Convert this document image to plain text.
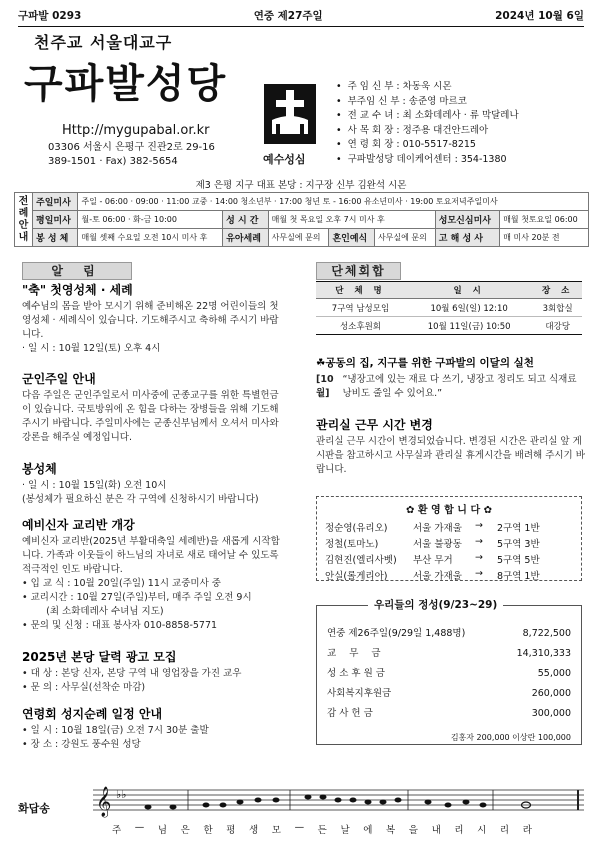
구파발 0293	연중 제27주일	2024년 10월 6일
천주교 서울대교구
구파발성당
Http://mygupabal.or.kr
03306 서울시 은평구 진관2로 29-16
389-1501 · Fax) 382-5654	예수성심
• 주 임 신 부 : 차동욱 시몬
• 부주임 신 부 : 송준영 마르코
• 전 교 수 녀 : 최 소화데레사 · 류 막달레나
• 사 목 회 장 : 정주용 대건안드레아
• 연 령 회 장 : 010-5517-8215
• 구파발성당 데이케어센터 : 354-1380
제3 은평 지구 대표 본당 : 지구장 신부 김완석 시몬
전례안내	주일미사	주일 - 06:00 · 09:00 · 11:00 교중 · 14:00 청소년부 · 17:00 청년 토 - 16:00 유소년미사 · 19:00 토요저녁주일미사						
	평일미사	월-토 06:00 · 화-금 10:00	성 시 간	매월 첫 목요일 오후 7시 미사 후			성모신심미사	매월 첫토요일 06:00
	봉 성 체	매월 셋째 수요일 오전 10시 미사 후	유아세례	사무실에 문의	혼인예식	사무실에 문의	고 해 성 사	매 미사 20분 전
알 림
"축" 첫영성체 · 세례
예수님의 몸을 받아 모시기 위해 준비해온 22명 어린이들의 첫영성체 · 세례식이 있습니다. 기도해주시고 축하해 주시기 바랍니다.
· 일 시 : 10월 12일(토) 오후 4시
군인주일 안내
다음 주일은 군인주일로서 미사중에 군종교구를 위한 특별헌금이 있습니다. 국토방위에 온 힘을 다하는 장병들을 위해 기도해 주시기 바랍니다. 주일미사에는 군종신부님께서 오셔서 미사와 강론을 해주실 예정입니다.
봉성체
· 일 시 : 10월 15일(화) 오전 10시
(봉성체가 필요하신 분은 각 구역에 신청하시기 바랍니다)
예비신자 교리반 개강
예비신자 교리반(2025년 부활대축일 세례반)을 새롭게 시작합니다. 가족과 이웃들이 하느님의 자녀로 새로 태어날 수 있도록 적극적인 인도 바랍니다.
• 입 교 식 : 10월 20일(주일) 11시 교중미사 중
• 교리시간 : 10월 27일(주일)부터, 매주 주일 오전 9시
(최 소화데레사 수녀님 지도)
• 문의 및 신청 : 대표 봉사자 010-8858-5771
2025년 본당 달력 광고 모집
• 대 상 : 본당 신자, 본당 구역 내 영업장을 가진 교우
• 문 의 : 사무실(선착순 마감)
연령회 성지순례 일정 안내
• 일 시 : 10월 18일(금) 오전 7시 30분 출발
• 장 소 : 강원도 풍수원 성당
단체회합
단 체 명	일 시	장 소
7구역 남성모임	10월 6일(일) 12:10	3회합실
성소후원회	10월 11일(금) 10:50	대강당
☘공동의 집, 지구를 위한 구파발의 이달의 실천
[10월]
“냉장고에 있는 재료 다 쓰기, 냉장고 정리도 되고 식재료 낭비도 줄일 수 있어요.”
관리실 근무 시간 변경
관리실 근무 시간이 변경되었습니다. 변경된 시간은 관리실 앞 게시판을 참고하시고 사무실과 관리실 휴게시간을 배려해 주시기 바랍니다.
✿ 환 영 합 니 다 ✿
정순영(유리오)	서울 가재울	→	2구역 1반
정철(토마노)	서울 불광동	→	5구역 3반
김현진(엘리사벳)	부산 무거	→	5구역 5반
안실(롤게리아)	서울 가재울	→	8구역 1반
연중 제26주일(9/29일 1,488명)	8,722,500
교 무 금	14,310,333
성 소 후 원 금	55,000
사회복지후원금	260,000
감 사 헌 금	300,000
김홍자 200,000 이상란 100,000
우리들의 정성(9/23~29)
𝄞 ♭♭
화답송
주 — 님 은 한 평 생 모 — 든 날 에 복 을 내 리 시 리 라
